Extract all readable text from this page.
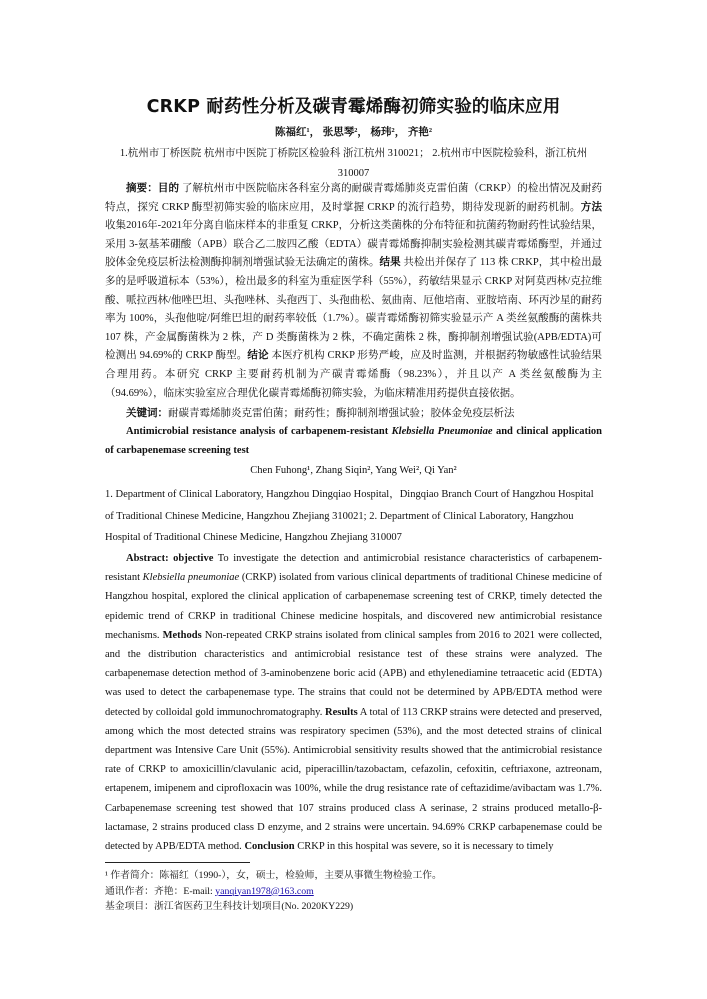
CRKP 耐药性分析及碳青霉烯酶初筛实验的临床应用
陈福红¹， 张思琴²， 杨玮²， 齐艳²
1.杭州市丁桥医院 杭州市中医院丁桥院区检验科 浙江杭州 310021； 2.杭州市中医院检验科，浙江杭州 310007
摘要：目的 了解杭州市中医院临床各科室分离的耐碳青霉烯肺炎克雷伯菌（CRKP）的检出情况及耐药特点，探究 CRKP 酶型初筛实验的临床应用，及时掌握 CRKP 的流行趋势，期待发现新的耐药机制。方法 收集2016年-2021年分离自临床样本的非重复 CRKP，分析这类菌株的分布特征和抗菌药物耐药性试验结果，采用 3-氨基苯硼酸（APB）联合乙二胺四乙酸（EDTA）碳青霉烯酶抑制实验检测其碳青霉烯酶型，并通过胶体金免疫层析法检测酶抑制剂增强试验无法确定的菌株。结果 共检出并保存了 113 株 CRKP，其中检出最多的是呼吸道标本（53%），检出最多的科室为重症医学科（55%），药敏结果显示 CRKP 对阿莫西林/克拉维酸、哌拉西林/他唑巴坦、头孢唑林、头孢西丁、头孢曲松、氨曲南、厄他培南、亚胺培南、环丙沙星的耐药率为 100%，头孢他啶/阿维巴坦的耐药率较低（1.7%）。碳青霉烯酶初筛实验显示产 A 类丝氨酸酶的菌株共 107 株，产金属酶菌株为 2 株，产 D 类酶菌株为 2 株，不确定菌株 2 株，酶抑制剂增强试验(APB/EDTA)可检测出 94.69%的 CRKP 酶型。结论 本医疗机构 CRKP 形势严峻，应及时监测，并根据药物敏感性试验结果合理用药。本研究 CRKP 主要耐药机制为产碳青霉烯酶（98.23%），并且以产 A 类丝氨酸酶为主（94.69%），临床实验室应合理优化碳青霉烯酶初筛实验，为临床精准用药提供直接依据。
关键词：耐碳青霉烯肺炎克雷伯菌；耐药性；酶抑制剂增强试验；胶体金免疫层析法
Antimicrobial resistance analysis of carbapenem-resistant Klebsiella Pneumoniae and clinical application of carbapenemase screening test
Chen Fuhong¹, Zhang Siqin², Yang Wei², Qi Yan²
1. Department of Clinical Laboratory, Hangzhou Dingqiao Hospital，Dingqiao Branch Court of Hangzhou Hospital of Traditional Chinese Medicine, Hangzhou Zhejiang 310021; 2. Department of Clinical Laboratory, Hangzhou Hospital of Traditional Chinese Medicine, Hangzhou Zhejiang 310007
Abstract: objective To investigate the detection and antimicrobial resistance characteristics of carbapenem-resistant Klebsiella pneumoniae (CRKP) isolated from various clinical departments of traditional Chinese medicine of Hangzhou hospital, explored the clinical application of carbapenemase screening test of CRKP, timely detected the epidemic trend of CRKP in traditional Chinese medicine hospitals, and discovered new antimicrobial resistance mechanisms. Methods Non-repeated CRKP strains isolated from clinical samples from 2016 to 2021 were collected, and the distribution characteristics and antimicrobial resistance test of these strains were analyzed. The carbapenemase detection method of 3-aminobenzene boric acid (APB) and ethylenediamine tetraacetic acid (EDTA) was used to detect the carbapenemase type. The strains that could not be determined by APB/EDTA method were detected by colloidal gold immunochromatography. Results A total of 113 CRKP strains were detected and preserved, among which the most detected strains was respiratory specimen (53%), and the most detected strains of clinical department was Intensive Care Unit (55%). Antimicrobial sensitivity results showed that the antimicrobial resistance rate of CRKP to amoxicillin/clavulanic acid, piperacillin/tazobactam, cefazolin, cefoxitin, ceftriaxone, aztreonam, ertapenem, imipenem and ciprofloxacin was 100%, while the drug resistance rate of ceftazidime/avibactam was 1.7%. Carbapenemase screening test showed that 107 strains produced class A serinase, 2 strains produced metallo-β-lactamase, 2 strains produced class D enzyme, and 2 strains were uncertain. 94.69% CRKP carbapenemase could be detected by APB/EDTA method. Conclusion CRKP in this hospital was severe, so it is necessary to timely
¹ 作者简介：陈福红（1990-），女，硕士，检验师，主要从事微生物检验工作。
通讯作者：齐艳：E-mail: yanqiyan1978@163.com
基金项目：浙江省医药卫生科技计划项目(No. 2020KY229)
